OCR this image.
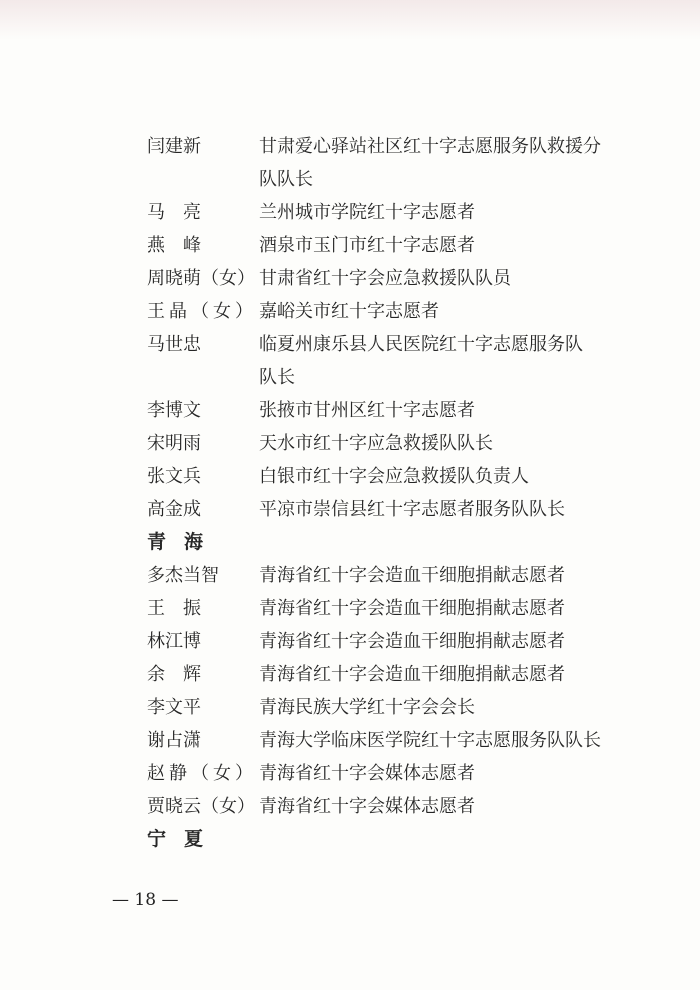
闫建新	甘肃爱心驿站社区红十字志愿服务队救援分
队队长
马亮	兰州城市学院红十字志愿者
燕峰	酒泉市玉门市红十字志愿者
周晓萌（女） 甘肃省红十字会应急救援队队员
王晶（女） 嘉峪关市红十字志愿者
马世忠	临夏州康乐县人民医院红十字志愿服务队
队长
李博文	张掖市甘州区红十字志愿者
宋明雨	天水市红十字应急救援队队长
张文兵	白银市红十字会应急救援队负责人
高金成	平凉市崇信县红十字志愿者服务队队长
青海
多杰当智	青海省红十字会造血干细胞捐献志愿者
王振	青海省红十字会造血干细胞捐献志愿者
林江博	青海省红十字会造血干细胞捐献志愿者
余辉	青海省红十字会造血干细胞捐献志愿者
李文平	青海民族大学红十字会会长
谢占潇	青海大学临床医学院红十字志愿服务队队长
赵静（女） 青海省红十字会媒体志愿者
贾晓云（女） 青海省红十字会媒体志愿者
宁夏
— 18 —
